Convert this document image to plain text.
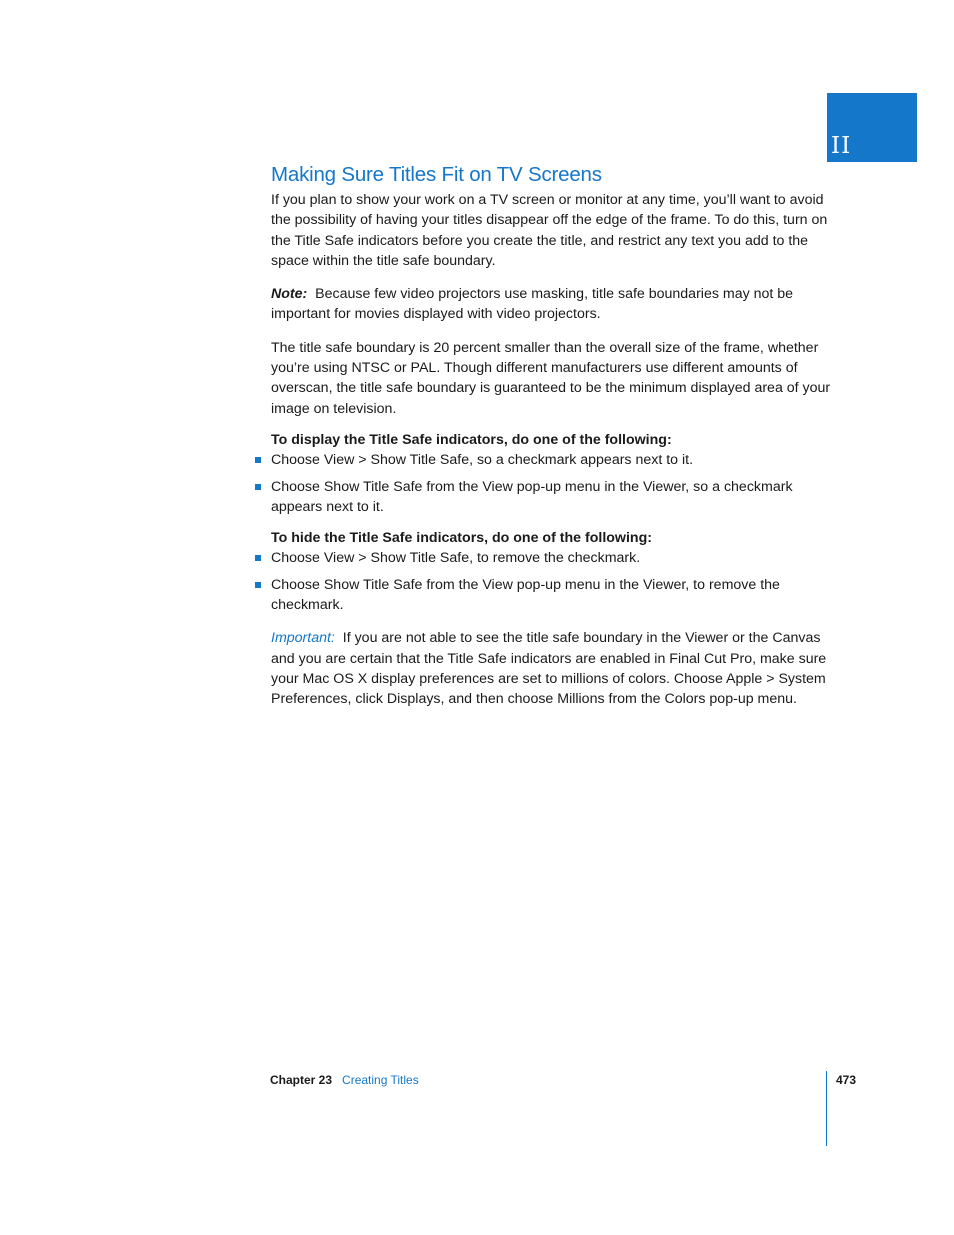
II
Making Sure Titles Fit on TV Screens

If you plan to show your work on a TV screen or monitor at any time, you’ll want to avoid the possibility of having your titles disappear off the edge of the frame. To do this, turn on the Title Safe indicators before you create the title, and restrict any text you add to the space within the title safe boundary.

Note: Because few video projectors use masking, title safe boundaries may not be important for movies displayed with video projectors.

The title safe boundary is 20 percent smaller than the overall size of the frame, whether you’re using NTSC or PAL. Though different manufacturers use different amounts of overscan, the title safe boundary is guaranteed to be the minimum displayed area of your image on television.

To display the Title Safe indicators, do one of the following:

Choose View > Show Title Safe, so a checkmark appears next to it.
Choose Show Title Safe from the View pop-up menu in the Viewer, so a checkmark appears next to it.

To hide the Title Safe indicators, do one of the following:

Choose View > Show Title Safe, to remove the checkmark.
Choose Show Title Safe from the View pop-up menu in the Viewer, to remove the checkmark.

Important: If you are not able to see the title safe boundary in the Viewer or the Canvas and you are certain that the Title Safe indicators are enabled in Final Cut Pro, make sure your Mac OS X display preferences are set to millions of colors. Choose Apple > System Preferences, click Displays, and then choose Millions from the Colors pop-up menu.

Chapter 23 Creating Titles	473
